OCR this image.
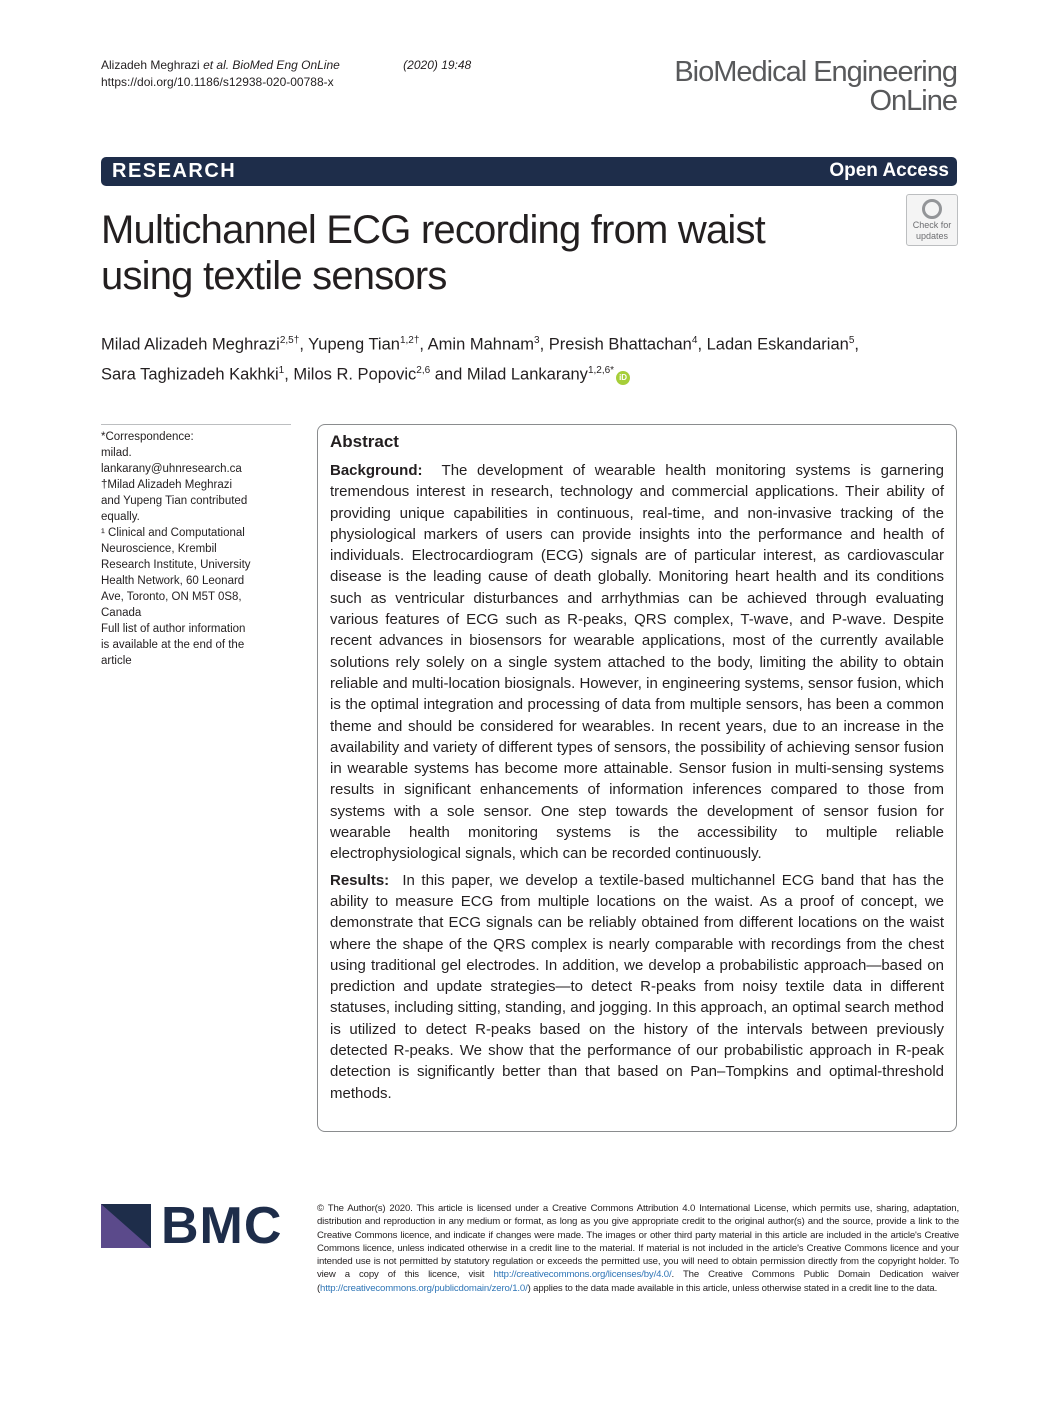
Alizadeh Meghrazi et al. BioMed Eng OnLine	(2020) 19:48
https://doi.org/10.1186/s12938-020-00788-x	BioMedical Engineering
OnLine
RESEARCH	Open Access
Multichannel ECG recording from waist
using textile sensors
Check for
updates
Milad Alizadeh Meghrazi$^{2,5\dagger}$, Yupeng Tian$^{1,2\dagger}$, Amin Mahnam$^3$, Presish Bhattachan$^4$, Ladan Eskandarian$^5$,
Sara Taghizadeh Kakhki$^1$, Milos R. Popovic$^{2,6}$ and Milad Lankarany$^{1,2,6*}$iD

*Correspondence:

milad.

lankarany@uhnresearch.ca

†Milad Alizadeh Meghrazi

and Yupeng Tian contributed

equally.

¹ Clinical and Computational

Neuroscience, Krembil

Research Institute, University

Health Network, 60 Leonard

Ave, Toronto, ON M5T 0S8,

Canada

Full list of author information

is available at the end of the

article

Abstract

Background: The development of wearable health monitoring systems is garnering tremendous interest in research, technology and commercial applications. Their ability of providing unique capabilities in continuous, real-time, and non-invasive tracking of the physiological markers of users can provide insights into the performance and health of individuals. Electrocardiogram (ECG) signals are of particular interest, as cardiovascular disease is the leading cause of death globally. Monitoring heart health and its conditions such as ventricular disturbances and arrhythmias can be achieved through evaluating various features of ECG such as R-peaks, QRS complex, T-wave, and P-wave. Despite recent advances in biosensors for wearable applications, most of the currently available solutions rely solely on a single system attached to the body, limiting the ability to obtain reliable and multi-location biosignals. However, in engineering systems, sensor fusion, which is the optimal integration and processing of data from multiple sensors, has been a common theme and should be considered for wearables. In recent years, due to an increase in the availability and variety of different types of sensors, the possibility of achieving sensor fusion in wearable systems has become more attainable. Sensor fusion in multi-sensing systems results in significant enhancements of information inferences compared to those from systems with a sole sensor. One step towards the development of sensor fusion for wearable health monitoring systems is the accessibility to multiple reliable electrophysiological signals, which can be recorded continuously.

Results: In this paper, we develop a textile-based multichannel ECG band that has the ability to measure ECG from multiple locations on the waist. As a proof of concept, we demonstrate that ECG signals can be reliably obtained from different locations on the waist where the shape of the QRS complex is nearly comparable with recordings from the chest using traditional gel electrodes. In addition, we develop a probabilistic approach—based on prediction and update strategies—to detect R-peaks from noisy textile data in different statuses, including sitting, standing, and jogging. In this approach, an optimal search method is utilized to detect R-peaks based on the history of the intervals between previously detected R-peaks. We show that the performance of our probabilistic approach in R-peak detection is significantly better than that based on Pan–Tompkins and optimal-threshold methods.

BMC	© The Author(s) 2020. This article is licensed under a Creative Commons Attribution 4.0 International License, which permits use, sharing, adaptation, distribution and reproduction in any medium or format, as long as you give appropriate credit to the original author(s) and the source, provide a link to the Creative Commons licence, and indicate if changes were made. The images or other third party material in this article are included in the article's Creative Commons licence, unless indicated otherwise in a credit line to the material. If material is not included in the article's Creative Commons licence and your intended use is not permitted by statutory regulation or exceeds the permitted use, you will need to obtain permission directly from the copyright holder. To view a copy of this licence, visit http://creativecommons.org/licenses/by/4.0/. The Creative Commons Public Domain Dedication waiver (http://creativecommons.org/publicdomain/zero/1.0/) applies to the data made available in this article, unless otherwise stated in a credit line to the data.
